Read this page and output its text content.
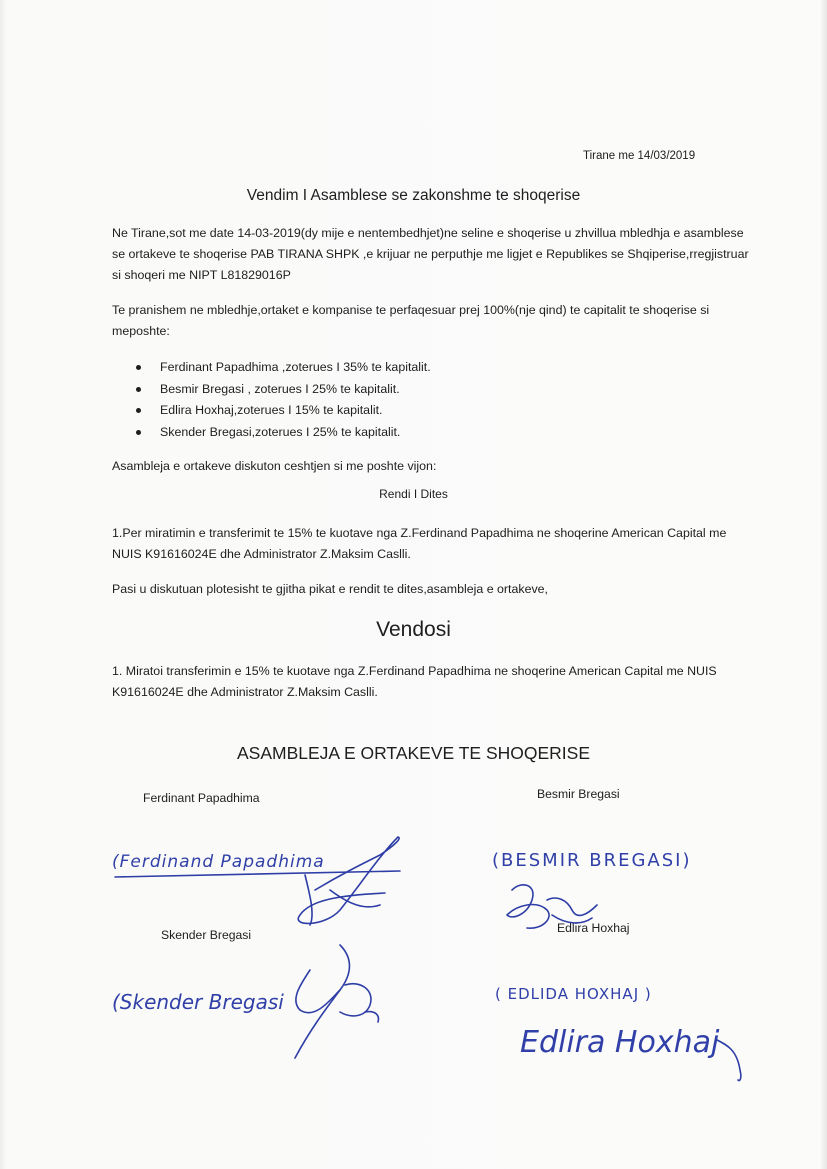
Tirane me 14/03/2019
Vendim I Asamblese se zakonshme te shoqerise
Ne Tirane,sot me date 14-03-2019(dy mije e nentembedhjet)ne seline e shoqerise u zhvillua mbledhja e asamblese se ortakeve te shoqerise PAB TIRANA SHPK ,e krijuar ne perputhje me ligjet e Republikes se Shqiperise,rregjistruar si shoqeri me NIPT L81829016P
Te pranishem ne mbledhje,ortaket e kompanise te perfaqesuar prej 100%(nje qind) te capitalit te shoqerise si meposhte:
Ferdinant Papadhima ,zoterues I 35% te kapitalit.
Besmir Bregasi , zoterues I 25% te kapitalit.
Edlira Hoxhaj,zoterues I 15% te kapitalit.
Skender Bregasi,zoterues I 25% te kapitalit.
Asambleja e ortakeve diskuton ceshtjen si me poshte vijon:
Rendi I Dites
1.Per miratimin e transferimit te 15% te kuotave nga Z.Ferdinand Papadhima ne shoqerine American Capital me NUIS K91616024E dhe Administrator Z.Maksim Caslli.
Pasi u diskutuan plotesisht te gjitha pikat e rendit te dites,asambleja e ortakeve,
Vendosi
1. Miratoi transferimin e 15% te kuotave nga Z.Ferdinand Papadhima ne shoqerine American Capital me NUIS K91616024E dhe Administrator Z.Maksim Caslli.
ASAMBLEJA E ORTAKEVE TE SHOQERISE
Ferdinant Papadhima	Besmir Bregasi
Skender Bregasi	Edlira Hoxhaj
(Ferdinand Papadhima	(BESMIR BREGASI)
(Skender Bregasi	( EDLIDA HOXHAJ )
Edlira Hoxhaj
